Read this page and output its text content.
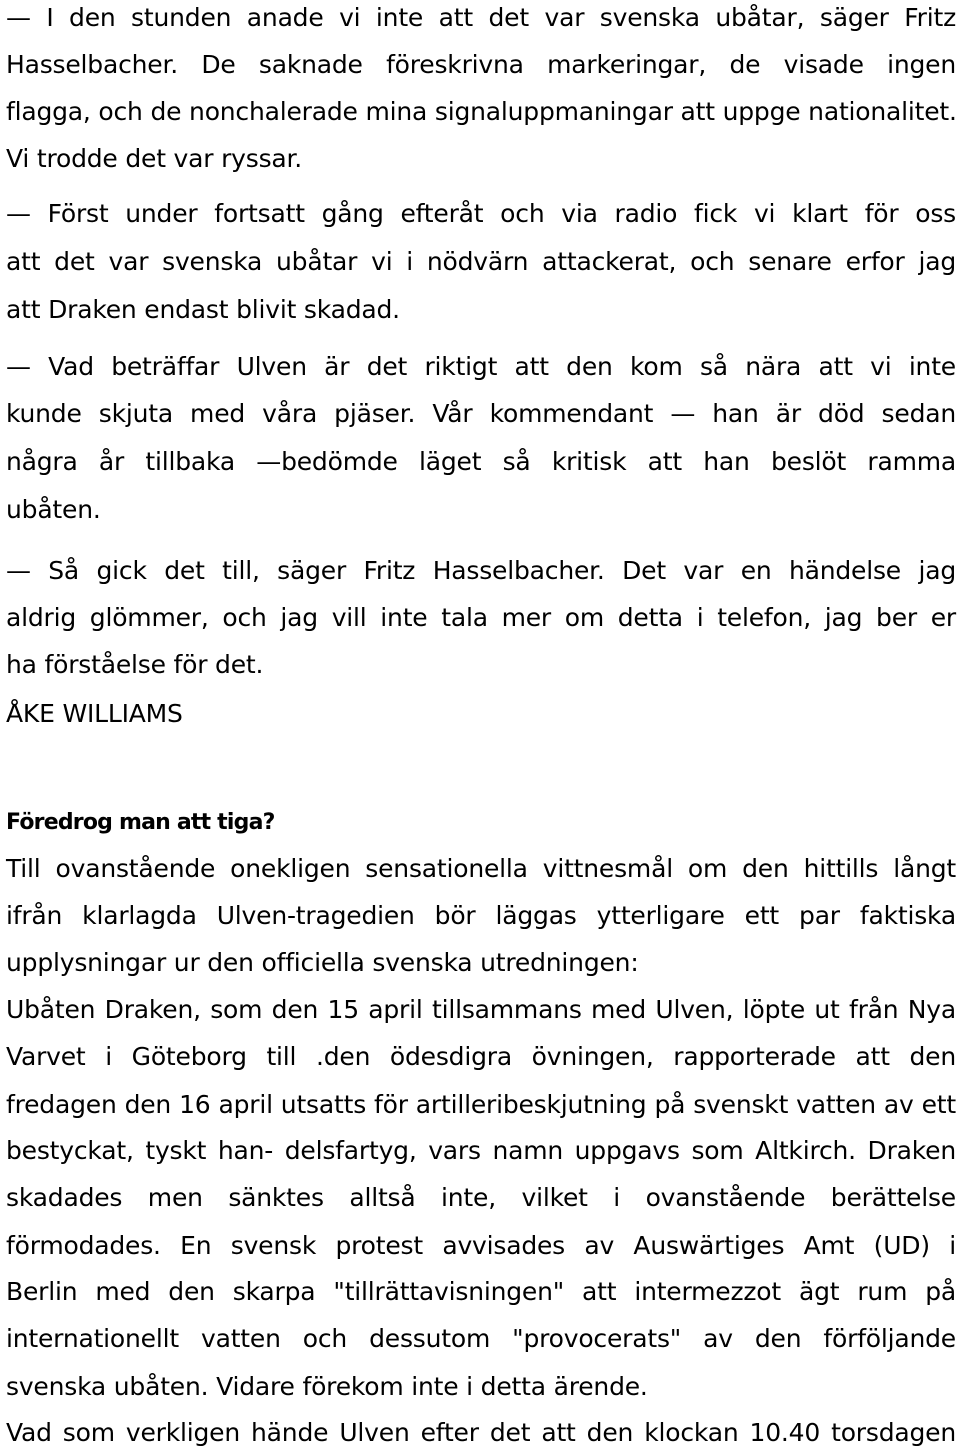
— I den stunden anade vi inte att det var svenska ubåtar, säger Fritz
Hasselbacher. De saknade föreskrivna markeringar, de visade ingen
flagga, och de nonchalerade mina signaluppmaningar att uppge nationalitet.
Vi trodde det var ryssar.
— Först under fortsatt gång efteråt och via radio fick vi klart för oss
att det var svenska ubåtar vi i nödvärn attackerat, och senare erfor jag
att Draken endast blivit skadad.
— Vad beträffar Ulven är det riktigt att den kom så nära att vi inte
kunde skjuta med våra pjäser. Vår kommendant — han är död sedan
några år tillbaka —bedömde läget så kritisk att han beslöt ramma
ubåten.
— Så gick det till, säger Fritz Hasselbacher. Det var en händelse jag
aldrig glömmer, och jag vill inte tala mer om detta i telefon, jag ber er
ha förståelse för det.
ÅKE WILLIAMS
Föredrog man att tiga?
Till ovanstående onekligen sensationella vittnesmål om den hittills långt
ifrån klarlagda Ulven-tragedien bör läggas ytterligare ett par faktiska
upplysningar ur den officiella svenska utredningen:
Ubåten Draken, som den 15 april tillsammans med Ulven, löpte ut från Nya
Varvet i Göteborg till .den ödesdigra övningen, rapporterade att den
fredagen den 16 april utsatts för artilleribeskjutning på svenskt vatten av ett
bestyckat, tyskt han- delsfartyg, vars namn uppgavs som Altkirch. Draken
skadades men sänktes alltså inte, vilket i ovanstående berättelse
förmodades. En svensk protest avvisades av Auswärtiges Amt (UD) i
Berlin med den skarpa "tillrättavisningen" att intermezzot ägt rum på
internationellt vatten och dessutom "provocerats" av den förföljande
svenska ubåten. Vidare förekom inte i detta ärende.
Vad som verkligen hände Ulven efter det att den klockan 10.40 torsdagen
